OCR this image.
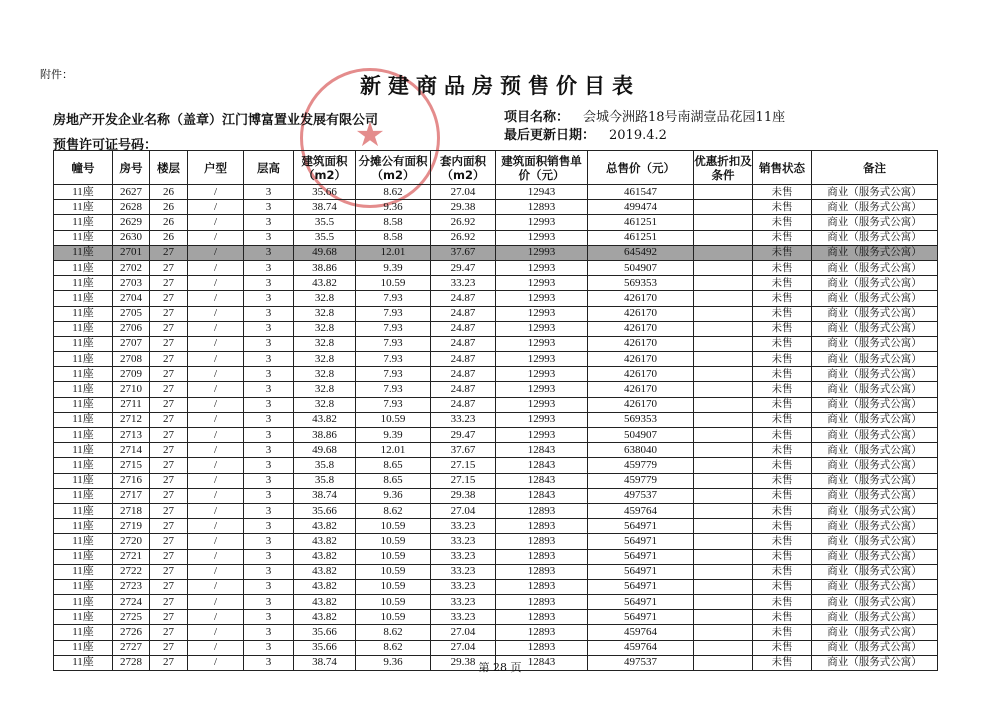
附件：
★
新建商品房预售价目表
房地产开发企业名称（盖章）江门博富置业发展有限公司
预售许可证号码：
项目名称： 会城今洲路18号南湖壹品花园11座
最后更新日期： 2019.4.2
幢号	房号	楼层	户型	层高	建筑面积（m2）	分摊公有面积（m2）	套内面积（m2）	建筑面积销售单价（元）	总售价（元）	优惠折扣及条件	销售状态	备注
11座	2627	26	/	3	35.66	8.62	27.04	12943	461547		未售	商业（服务式公寓）
11座	2628	26	/	3	38.74	9.36	29.38	12893	499474		未售	商业（服务式公寓）
11座	2629	26	/	3	35.5	8.58	26.92	12993	461251		未售	商业（服务式公寓）
11座	2630	26	/	3	35.5	8.58	26.92	12993	461251		未售	商业（服务式公寓）
11座	2701	27	/	3	49.68	12.01	37.67	12993	645492		未售	商业（服务式公寓）
11座	2702	27	/	3	38.86	9.39	29.47	12993	504907		未售	商业（服务式公寓）
11座	2703	27	/	3	43.82	10.59	33.23	12993	569353		未售	商业（服务式公寓）
11座	2704	27	/	3	32.8	7.93	24.87	12993	426170		未售	商业（服务式公寓）
11座	2705	27	/	3	32.8	7.93	24.87	12993	426170		未售	商业（服务式公寓）
11座	2706	27	/	3	32.8	7.93	24.87	12993	426170		未售	商业（服务式公寓）
11座	2707	27	/	3	32.8	7.93	24.87	12993	426170		未售	商业（服务式公寓）
11座	2708	27	/	3	32.8	7.93	24.87	12993	426170		未售	商业（服务式公寓）
11座	2709	27	/	3	32.8	7.93	24.87	12993	426170		未售	商业（服务式公寓）
11座	2710	27	/	3	32.8	7.93	24.87	12993	426170		未售	商业（服务式公寓）
11座	2711	27	/	3	32.8	7.93	24.87	12993	426170		未售	商业（服务式公寓）
11座	2712	27	/	3	43.82	10.59	33.23	12993	569353		未售	商业（服务式公寓）
11座	2713	27	/	3	38.86	9.39	29.47	12993	504907		未售	商业（服务式公寓）
11座	2714	27	/	3	49.68	12.01	37.67	12843	638040		未售	商业（服务式公寓）
11座	2715	27	/	3	35.8	8.65	27.15	12843	459779		未售	商业（服务式公寓）
11座	2716	27	/	3	35.8	8.65	27.15	12843	459779		未售	商业（服务式公寓）
11座	2717	27	/	3	38.74	9.36	29.38	12843	497537		未售	商业（服务式公寓）
11座	2718	27	/	3	35.66	8.62	27.04	12893	459764		未售	商业（服务式公寓）
11座	2719	27	/	3	43.82	10.59	33.23	12893	564971		未售	商业（服务式公寓）
11座	2720	27	/	3	43.82	10.59	33.23	12893	564971		未售	商业（服务式公寓）
11座	2721	27	/	3	43.82	10.59	33.23	12893	564971		未售	商业（服务式公寓）
11座	2722	27	/	3	43.82	10.59	33.23	12893	564971		未售	商业（服务式公寓）
11座	2723	27	/	3	43.82	10.59	33.23	12893	564971		未售	商业（服务式公寓）
11座	2724	27	/	3	43.82	10.59	33.23	12893	564971		未售	商业（服务式公寓）
11座	2725	27	/	3	43.82	10.59	33.23	12893	564971		未售	商业（服务式公寓）
11座	2726	27	/	3	35.66	8.62	27.04	12893	459764		未售	商业（服务式公寓）
11座	2727	27	/	3	35.66	8.62	27.04	12893	459764		未售	商业（服务式公寓）
11座	2728	27	/	3	38.74	9.36	29.38	12843	497537		未售	商业（服务式公寓）
第 28 页
